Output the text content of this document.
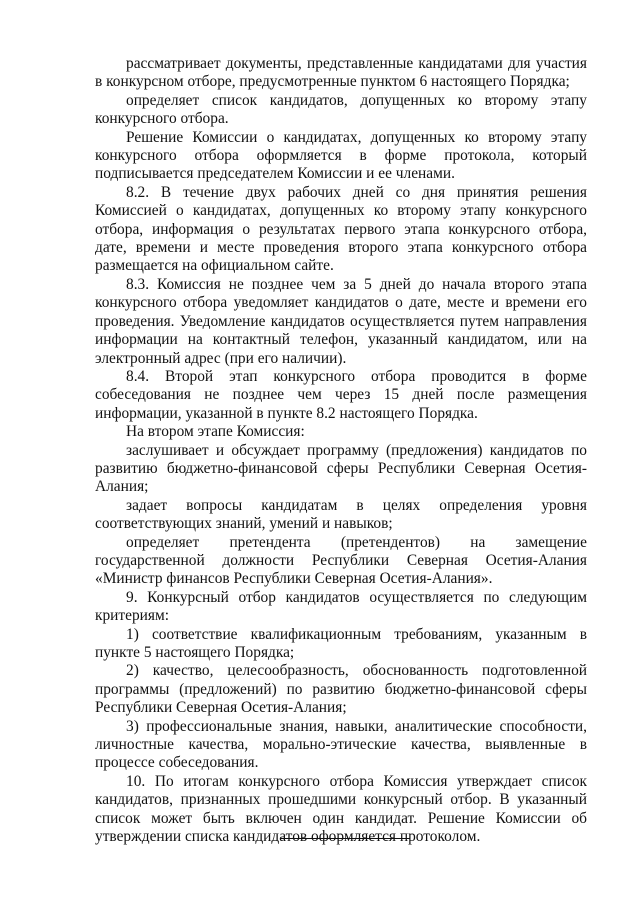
рассматривает документы, представленные кандидатами для участия в конкурсном отборе, предусмотренные пунктом 6 настоящего Порядка;

определяет список кандидатов, допущенных ко второму этапу конкурсного отбора.

Решение Комиссии о кандидатах, допущенных ко второму этапу конкурсного отбора оформляется в форме протокола, который подписывается председателем Комиссии и ее членами.

8.2. В течение двух рабочих дней со дня принятия решения Комиссией о кандидатах, допущенных ко второму этапу конкурсного отбора, информация о результатах первого этапа конкурсного отбора, дате, времени и месте проведения второго этапа конкурсного отбора размещается на официальном сайте.

8.3. Комиссия не позднее чем за 5 дней до начала второго этапа конкурсного отбора уведомляет кандидатов о дате, месте и времени его проведения. Уведомление кандидатов осуществляется путем направления информации на контактный телефон, указанный кандидатом, или на электронный адрес (при его наличии).

8.4. Второй этап конкурсного отбора проводится в форме собеседования не позднее чем через 15 дней после размещения информации, указанной в пункте 8.2 настоящего Порядка.

На втором этапе Комиссия:

заслушивает и обсуждает программу (предложения) кандидатов по развитию бюджетно-финансовой сферы Республики Северная Осетия-Алания;

задает вопросы кандидатам в целях определения уровня соответствующих знаний, умений и навыков;

определяет претендента (претендентов) на замещение государственной должности Республики Северная Осетия-Алания «Министр финансов Республики Северная Осетия-Алания».

9. Конкурсный отбор кандидатов осуществляется по следующим критериям:

1) соответствие квалификационным требованиям, указанным в пункте 5 настоящего Порядка;

2) качество, целесообразность, обоснованность подготовленной программы (предложений) по развитию бюджетно-финансовой сферы Республики Северная Осетия-Алания;

3) профессиональные знания, навыки, аналитические способности, личностные качества, морально-этические качества, выявленные в процессе собеседования.

10. По итогам конкурсного отбора Комиссия утверждает список кандидатов, признанных прошедшими конкурсный отбор. В указанный список может быть включен один кандидат. Решение Комиссии об утверждении списка кандидатов оформляется протоколом.
